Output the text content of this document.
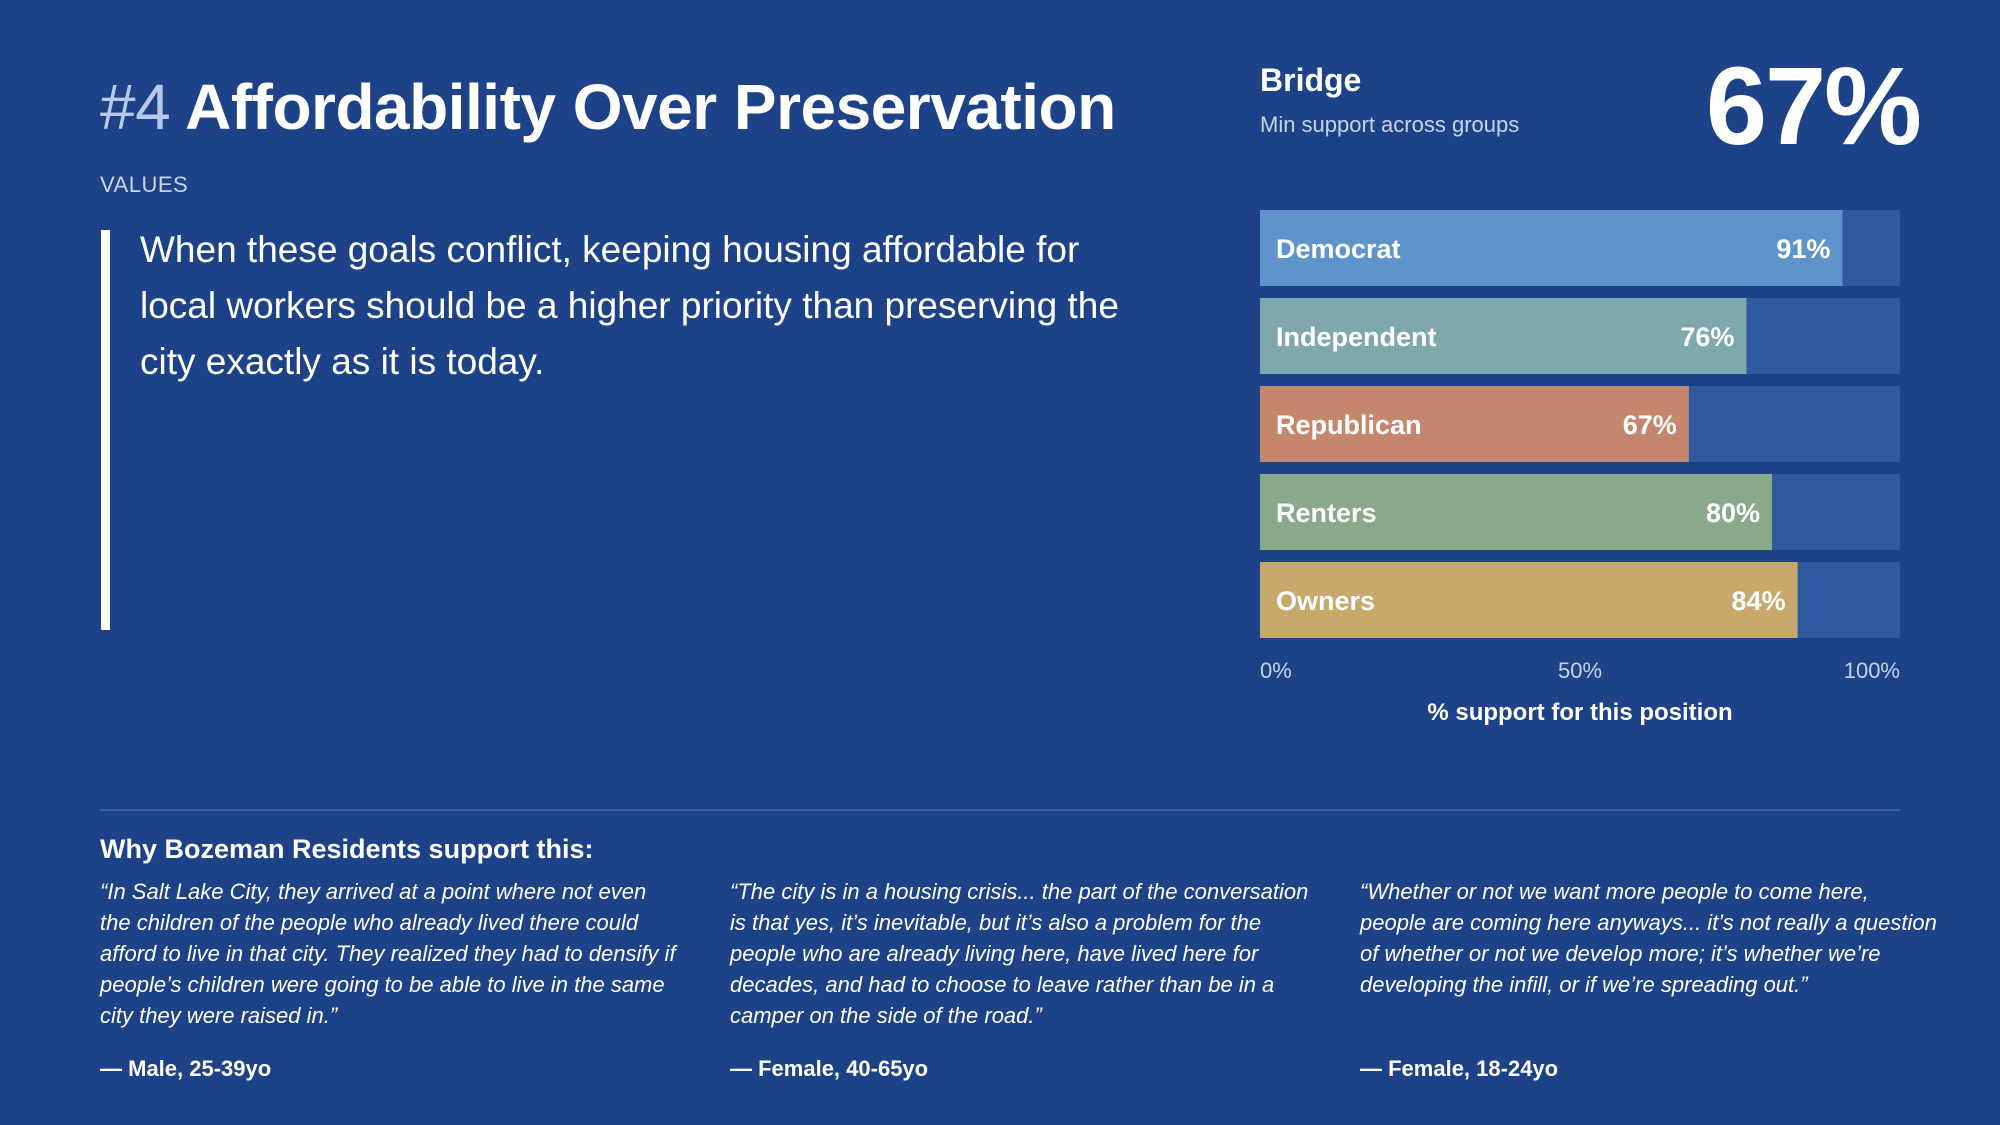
#4 Affordability Over Preservation
VALUES
When these goals conflict, keeping housing affordable for local workers should be a higher priority than preserving the city exactly as it is today.
Bridge
Min support across groups 67%
Democrat	91%
Independent	76%
Republican	67%
Renters	80%
Owners	84%
0%	50%	100%
% support for this position
Why Bozeman Residents support this:
“In Salt Lake City, they arrived at a point where not even the children of the people who already lived there could afford to live in that city. They realized they had to densify if people’s children were going to be able to live in the same city they were raised in.”
“The city is in a housing crisis... the part of the conversation is that yes, it’s inevitable, but it’s also a problem for the people who are already living here, have lived here for decades, and had to choose to leave rather than be in a camper on the side of the road.”
“Whether or not we want more people to come here, people are coming here anyways... it’s not really a question of whether or not we develop more; it’s whether we’re developing the infill, or if we’re spreading out.”
— Male, 25-39yo	— Female, 40-65yo	— Female, 18-24yo
